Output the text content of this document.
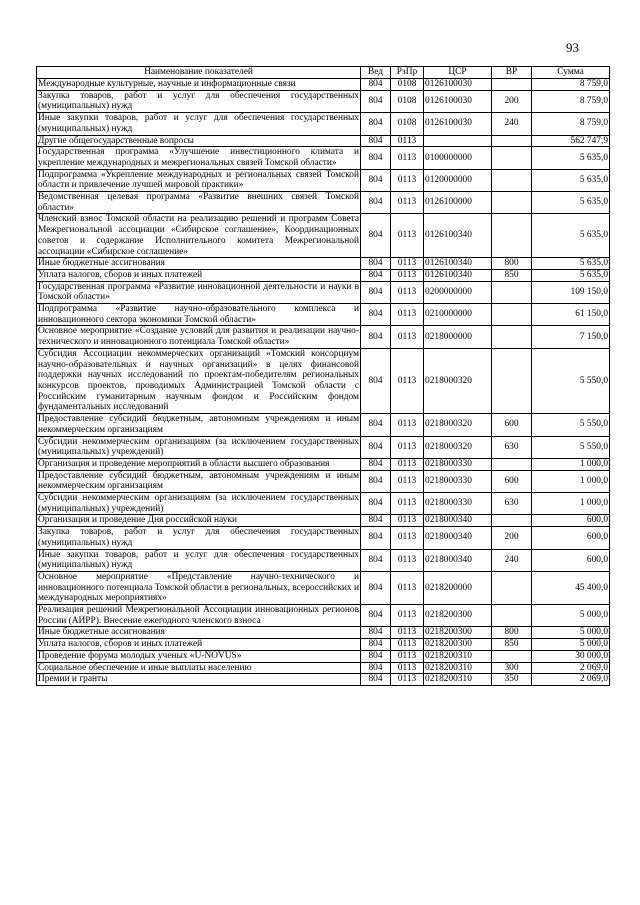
93
Наименование показателей	Вед	РзПр	ЦСР	ВР	Сумма
Международные культурные, научные и информационные связи	804	0108	0126100030		8 759,0
Закупка товаров, работ и услуг для обеспечения государственных (муниципальных) нужд	804	0108	0126100030	200	8 759,0
Иные закупки товаров, работ и услуг для обеспечения государственных (муниципальных) нужд	804	0108	0126100030	240	8 759,0
Другие общегосударственные вопросы	804	0113			562 747,9
Государственная программа «Улучшение инвестиционного климата и укрепление международных и межрегиональных связей Томской области»	804	0113	0100000000		5 635,0
Подпрограмма «Укрепление международных и региональных связей Томской области и привлечение лучшей мировой практики»	804	0113	0120000000		5 635,0
Ведомственная целевая программа «Развитие внешних связей Томской области»	804	0113	0126100000		5 635,0
Членский взнос Томской области на реализацию решений и программ Совета Межрегиональной ассоциации «Сибирское соглашение», Координационных советов и содержание Исполнительного комитета Межрегиональной ассоциации «Сибирское соглашение»	804	0113	0126100340		5 635,0
Иные бюджетные ассигнования	804	0113	0126100340	800	5 635,0
Уплата налогов, сборов и иных платежей	804	0113	0126100340	850	5 635,0
Государственная программа «Развитие инновационной деятельности и науки в Томской области»	804	0113	0200000000		109 150,0
Подпрограмма «Развитие научно-образовательного комплекса и инновационного сектора экономики Томской области»	804	0113	0210000000		61 150,0
Основное мероприятие «Создание условий для развития и реализации научно-технического и инновационного потенциала Томской области»	804	0113	0218000000		7 150,0
Субсидия Ассоциации некоммерческих организаций «Томский консорциум научно-образовательных и научных организаций» в целях финансовой поддержки научных исследований по проектам-победителям региональных конкурсов проектов, проводимых Администрацией Томской области с Российским гуманитарным научным фондом и Российским фондом фундаментальных исследований	804	0113	0218000320		5 550,0
Предоставление субсидий бюджетным, автономным учреждениям и иным некоммерческим организациям	804	0113	0218000320	600	5 550,0
Субсидии некоммерческим организациям (за исключением государственных (муниципальных) учреждений)	804	0113	0218000320	630	5 550,0
Организация и проведение мероприятий в области высшего образования	804	0113	0218000330		1 000,0
Предоставление субсидий бюджетным, автономным учреждениям и иным некоммерческим организациям	804	0113	0218000330	600	1 000,0
Субсидии некоммерческим организациям (за исключением государственных (муниципальных) учреждений)	804	0113	0218000330	630	1 000,0
Организация и проведение Дня российской науки	804	0113	0218000340		600,0
Закупка товаров, работ и услуг для обеспечения государственных (муниципальных) нужд	804	0113	0218000340	200	600,0
Иные закупки товаров, работ и услуг для обеспечения государственных (муниципальных) нужд	804	0113	0218000340	240	600,0
Основное мероприятие «Представление научно-технического и инновационного потенциала Томской области в региональных, всероссийских и международных мероприятиях»	804	0113	0218200000		45 400,0
Реализация решений Межрегиональной Ассоциации инновационных регионов России (АИРР). Внесение ежегодного членского взноса	804	0113	0218200300		5 000,0
Иные бюджетные ассигнования	804	0113	0218200300	800	5 000,0
Уплата налогов, сборов и иных платежей	804	0113	0218200300	850	5 000,0
Проведение форума молодых ученых «U-NOVUS»	804	0113	0218200310		30 000,0
Социальное обеспечение и иные выплаты населению	804	0113	0218200310	300	2 069,0
Премии и гранты	804	0113	0218200310	350	2 069,0
